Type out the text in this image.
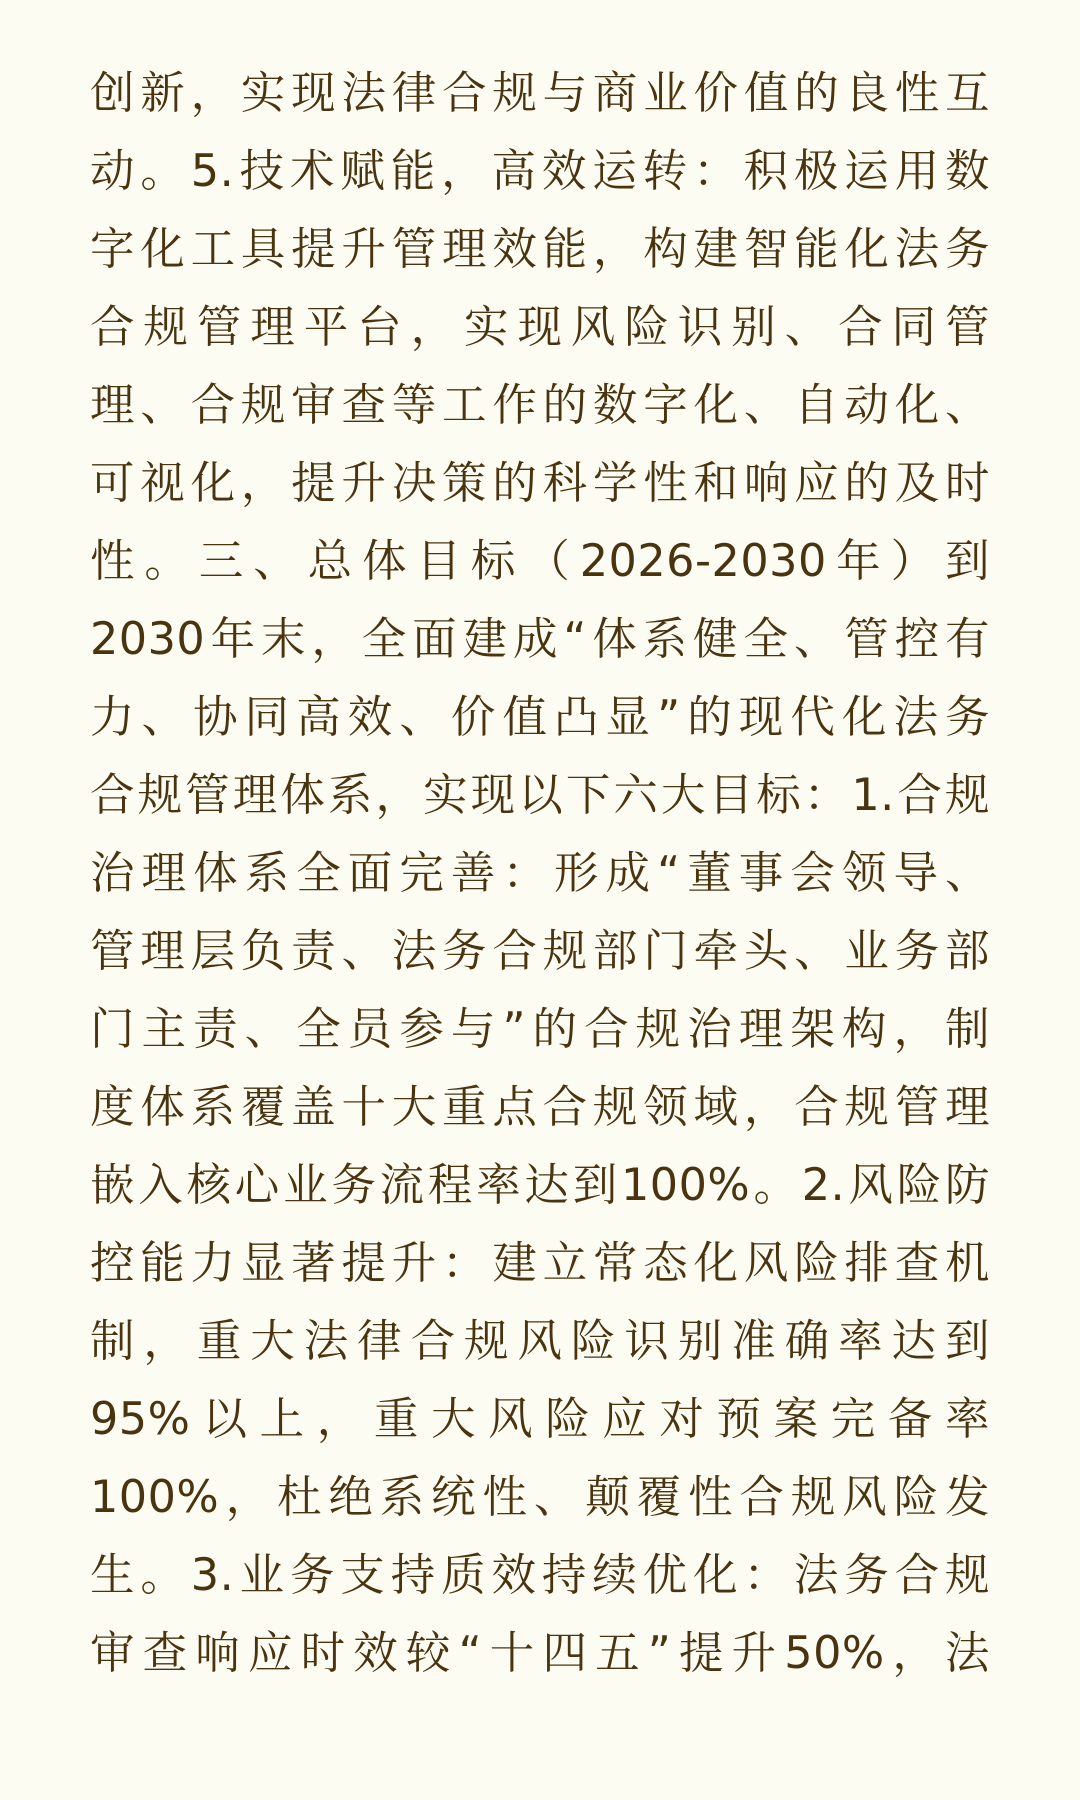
创新，实现法律合规与商业价值的良性互
动。5.技术赋能，高效运转：积极运用数
字化工具提升管理效能，构建智能化法务
合规管理平台，实现风险识别、合同管
理、合规审查等工作的数字化、自动化、
可视化，提升决策的科学性和响应的及时
性。三、总体目标（2026-2030年）到
2030年末，全面建成“体系健全、管控有
力、协同高效、价值凸显”的现代化法务
合规管理体系，实现以下六大目标：1.合规
治理体系全面完善：形成“董事会领导、
管理层负责、法务合规部门牵头、业务部
门主责、全员参与”的合规治理架构，制
度体系覆盖十大重点合规领域，合规管理
嵌入核心业务流程率达到100%。2.风险防
控能力显著提升：建立常态化风险排查机
制，重大法律合规风险识别准确率达到
95%以上，重大风险应对预案完备率
100%，杜绝系统性、颠覆性合规风险发
生。3.业务支持质效持续优化：法务合规
审查响应时效较“十四五”提升50%，法
